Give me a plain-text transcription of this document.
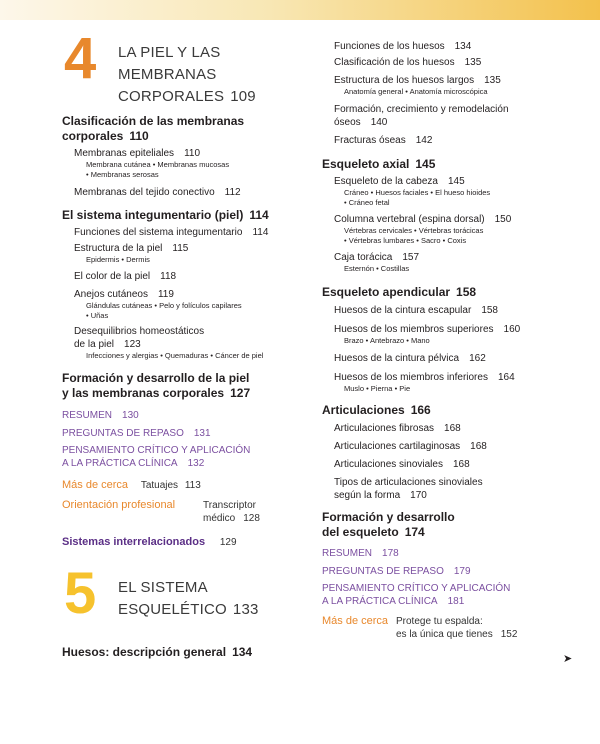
4 LA PIEL Y LAS MEMBRANAS
CORPORALES 109
Clasificación de las membranas
corporales 110

Membranas epiteliales 110

Membrana cutánea • Membranas mucosas

• Membranas serosas

Membranas del tejido conectivo 112

El sistema integumentario (piel) 114

Funciones del sistema integumentario 114

Estructura de la piel 115

Epidermis • Dermis

El color de la piel 118

Anejos cutáneos 119

Glándulas cutáneas • Pelo y folículos capilares

• Uñas

Desequilibrios homeostáticos

de la piel 123

Infecciones y alergias • Quemaduras • Cáncer de piel

Formación y desarrollo de la piel
y las membranas corporales 127

RESUMEN 130

PREGUNTAS DE REPASO 131

PENSAMIENTO CRÍTICO Y APLICACIÓN

A LA PRÁCTICA CLÍNICA 132

Más de cerca Tatuajes 113

Orientación profesional	Transcriptor
médico 128

Sistemas interrelacionados 129

5 EL SISTEMA
ESQUELÉTICO 133

Huesos: descripción general 134

Funciones de los huesos 134

Clasificación de los huesos 135

Estructura de los huesos largos 135

Anatomía general • Anatomía microscópica

Formación, crecimiento y remodelación

óseos 140

Fracturas óseas 142

Esqueleto axial 145

Esqueleto de la cabeza 145

Cráneo • Huesos faciales • El hueso hioides

• Cráneo fetal

Columna vertebral (espina dorsal) 150

Vértebras cervicales • Vértebras torácicas

• Vértebras lumbares • Sacro • Coxis

Caja torácica 157

Esternón • Costillas

Esqueleto apendicular 158

Huesos de la cintura escapular 158

Huesos de los miembros superiores 160

Brazo • Antebrazo • Mano

Huesos de la cintura pélvica 162

Huesos de los miembros inferiores 164

Muslo • Pierna • Pie

Articulaciones 166

Articulaciones fibrosas 168

Articulaciones cartilaginosas 168

Articulaciones sinoviales 168

Tipos de articulaciones sinoviales

según la forma 170

Formación y desarrollo
del esqueleto 174

RESUMEN 178

PREGUNTAS DE REPASO 179

PENSAMIENTO CRÍTICO Y APLICACIÓN

A LA PRÁCTICA CLÍNICA 181

Más de cerca Protege tu espalda:
es la única que tienes 152
➤
